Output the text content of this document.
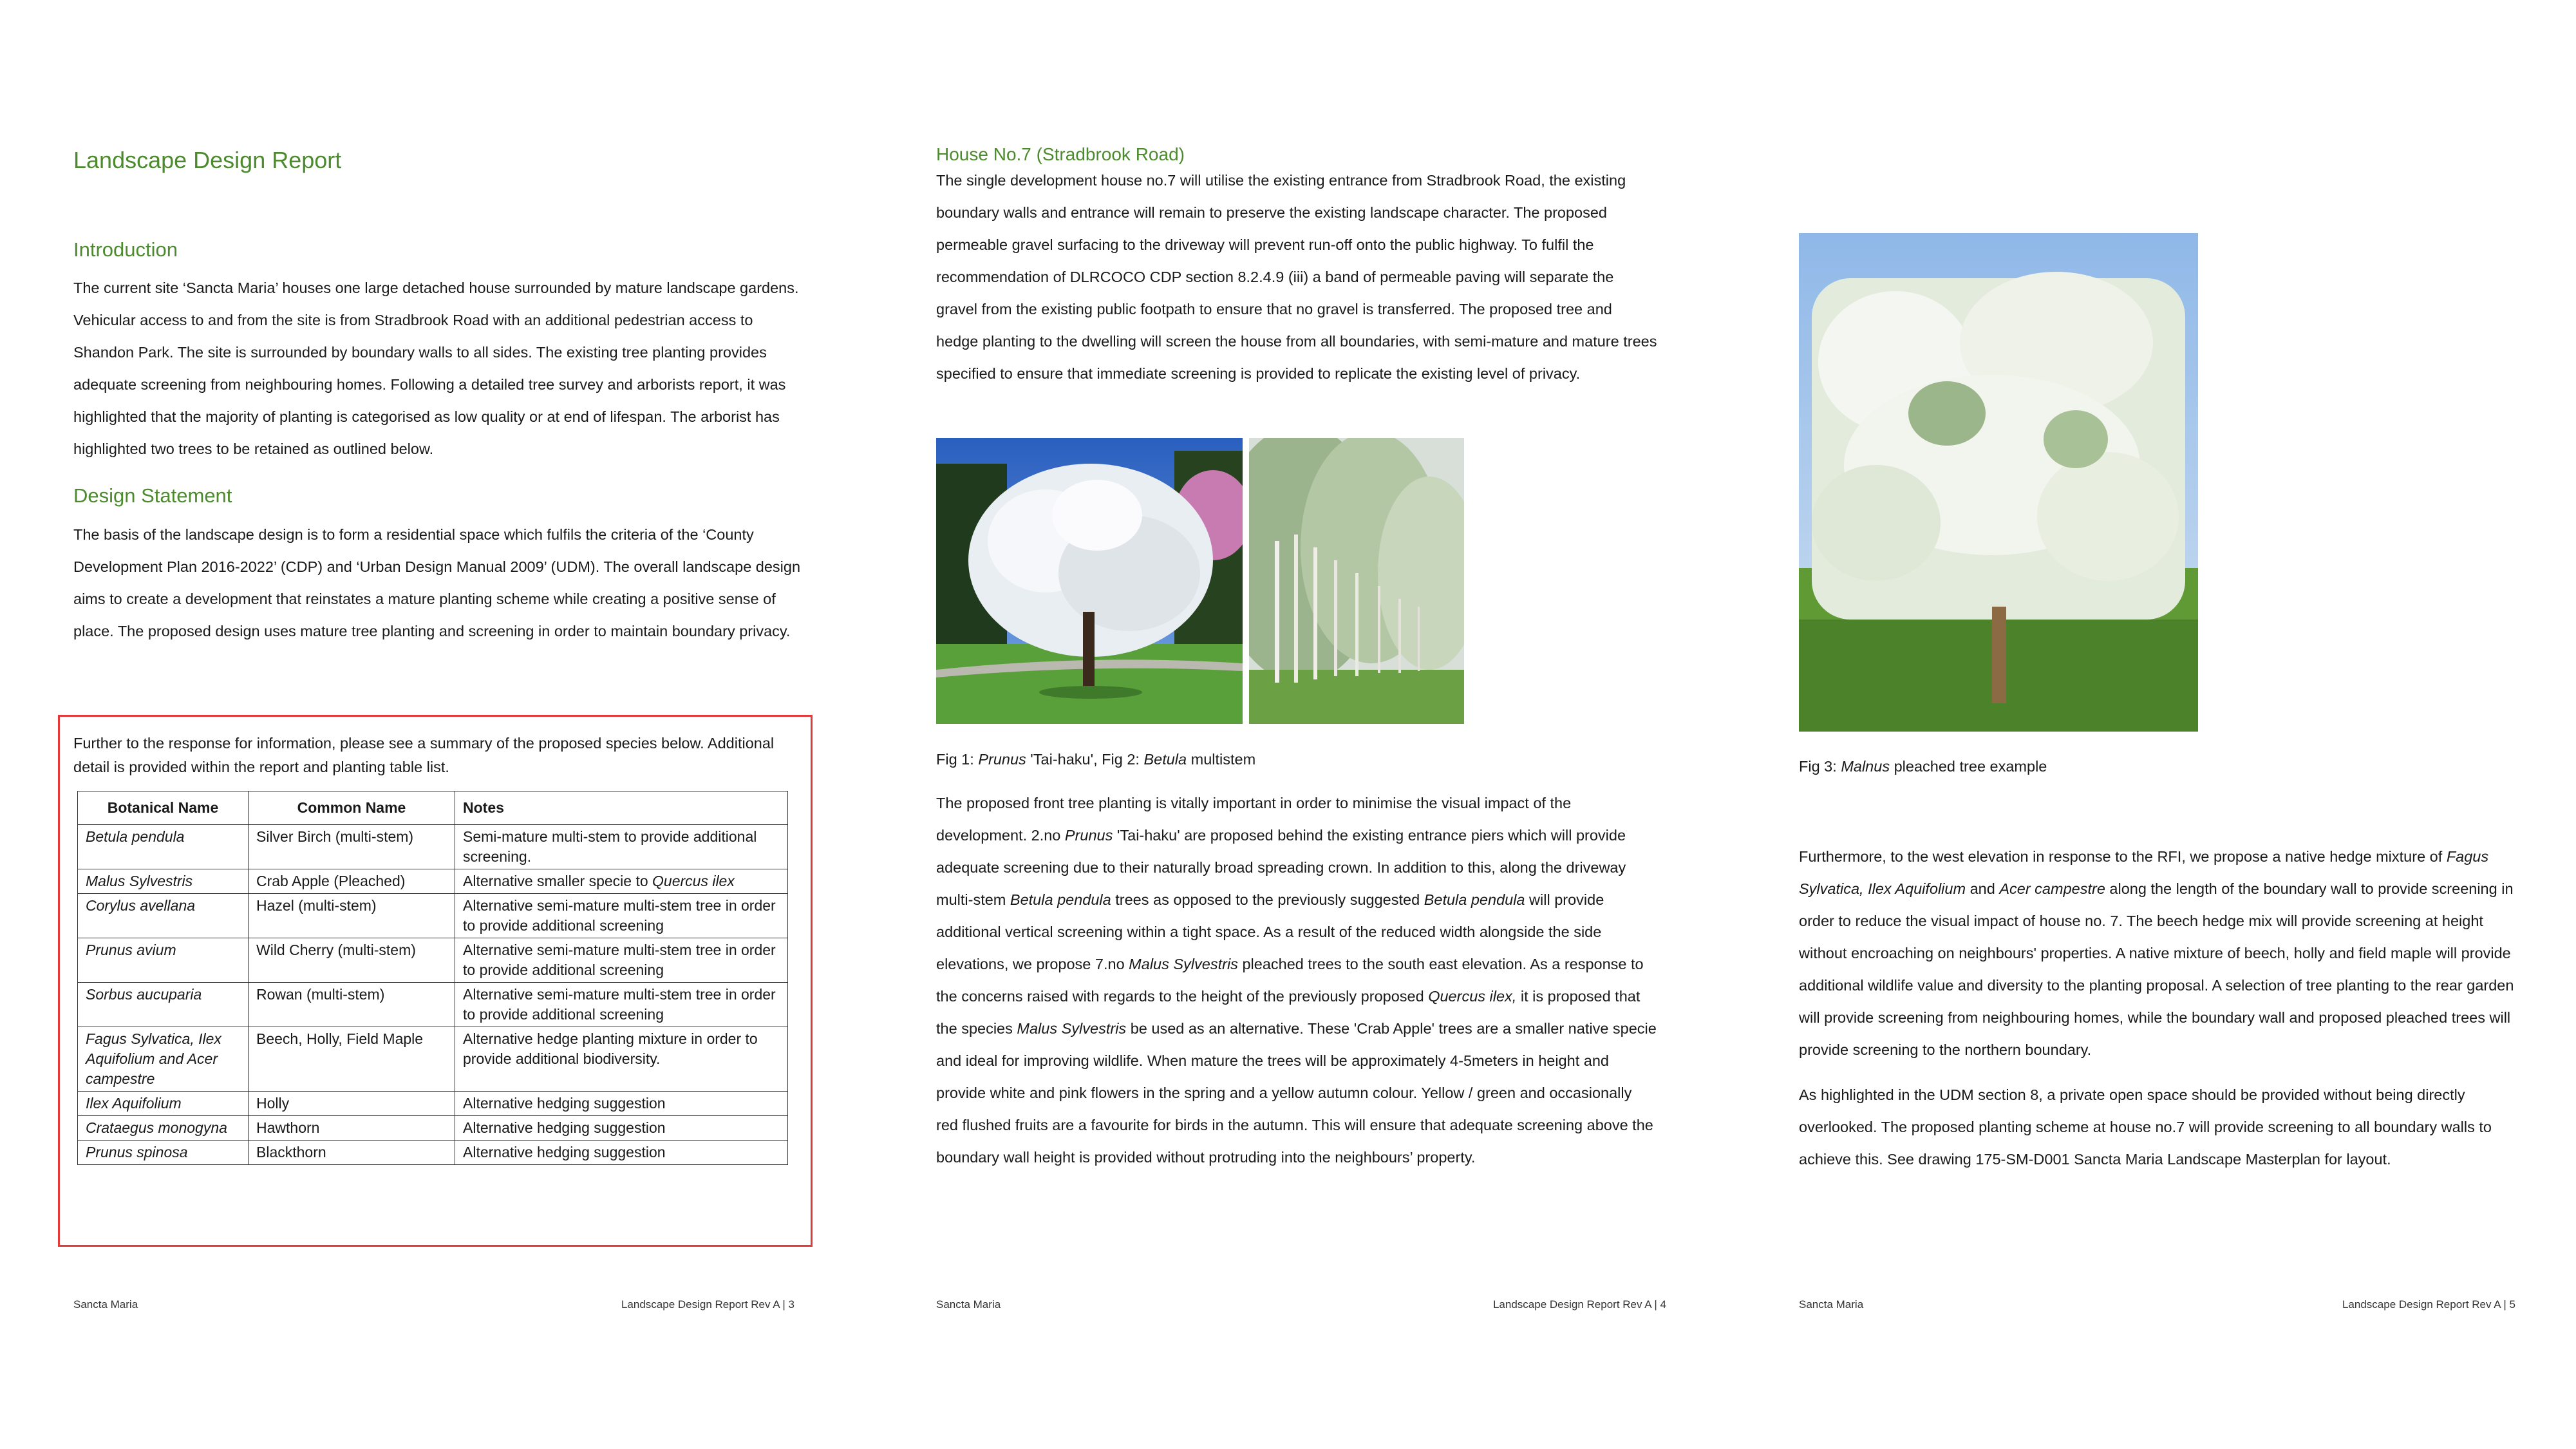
Landscape Design Report
Introduction

The current site ‘Sancta Maria’ houses one large detached house surrounded by mature landscape gardens. Vehicular access to and from the site is from Stradbrook Road with an additional pedestrian access to Shandon Park. The site is surrounded by boundary walls to all sides. The existing tree planting provides adequate screening from neighbouring homes. Following a detailed tree survey and arborists report, it was highlighted that the majority of planting is categorised as low quality or at end of lifespan. The arborist has highlighted two trees to be retained as outlined below.

Design Statement

The basis of the landscape design is to form a residential space which fulfils the criteria of the ‘County Development Plan 2016-2022’ (CDP) and ‘Urban Design Manual 2009’ (UDM). The overall landscape design aims to create a development that reinstates a mature planting scheme while creating a positive sense of place. The proposed design uses mature tree planting and screening in order to maintain boundary privacy.

Further to the response for information, please see a summary of the proposed species below. Additional detail is provided within the report and planting table list.

Botanical Name	Common Name	Notes
Betula pendula	Silver Birch (multi-stem)	Semi-mature multi-stem to provide additional screening.
Malus Sylvestris	Crab Apple (Pleached)	Alternative smaller specie to Quercus ilex
Corylus avellana	Hazel (multi-stem)	Alternative semi-mature multi-stem tree in order to provide additional screening
Prunus avium	Wild Cherry (multi-stem)	Alternative semi-mature multi-stem tree in order to provide additional screening
Sorbus aucuparia	Rowan (multi-stem)	Alternative semi-mature multi-stem tree in order to provide additional screening
Fagus Sylvatica, Ilex Aquifolium and Acer campestre	Beech, Holly, Field Maple	Alternative hedge planting mixture in order to provide additional biodiversity.
Ilex Aquifolium	Holly	Alternative hedging suggestion
Crataegus monogyna	Hawthorn	Alternative hedging suggestion
Prunus spinosa	Blackthorn	Alternative hedging suggestion
Sancta Maria	Landscape Design Report Rev A | 3
House No.7 (Stradbrook Road)

The single development house no.7 will utilise the existing entrance from Stradbrook Road, the existing boundary walls and entrance will remain to preserve the existing landscape character. The proposed permeable gravel surfacing to the driveway will prevent run-off onto the public highway. To fulfil the recommendation of DLRCOCO CDP section 8.2.4.9 (iii) a band of permeable paving will separate the gravel from the existing public footpath to ensure that no gravel is transferred. The proposed tree and hedge planting to the dwelling will screen the house from all boundaries, with semi-mature and mature trees specified to ensure that immediate screening is provided to replicate the existing level of privacy.

Fig 1: Prunus 'Tai-haku', Fig 2: Betula multistem

The proposed front tree planting is vitally important in order to minimise the visual impact of the development. 2.no Prunus 'Tai-haku' are proposed behind the existing entrance piers which will provide adequate screening due to their naturally broad spreading crown. In addition to this, along the driveway multi-stem Betula pendula trees as opposed to the previously suggested Betula pendula will provide additional vertical screening within a tight space. As a result of the reduced width alongside the side elevations, we propose 7.no Malus Sylvestris pleached trees to the south east elevation. As a response to the concerns raised with regards to the height of the previously proposed Quercus ilex, it is proposed that the species Malus Sylvestris be used as an alternative. These 'Crab Apple' trees are a smaller native specie and ideal for improving wildlife. When mature the trees will be approximately 4-5meters in height and provide white and pink flowers in the spring and a yellow autumn colour. Yellow / green and occasionally red flushed fruits are a favourite for birds in the autumn. This will ensure that adequate screening above the boundary wall height is provided without protruding into the neighbours’ property.

Sancta Maria	Landscape Design Report Rev A | 4

Fig 3: Malnus pleached tree example

Furthermore, to the west elevation in response to the RFI, we propose a native hedge mixture of Fagus Sylvatica, Ilex Aquifolium and Acer campestre along the length of the boundary wall to provide screening in order to reduce the visual impact of house no. 7. The beech hedge mix will provide screening at height without encroaching on neighbours' properties. A native mixture of beech, holly and field maple will provide additional wildlife value and diversity to the planting proposal. A selection of tree planting to the rear garden will provide screening from neighbouring homes, while the boundary wall and proposed pleached trees will provide screening to the northern boundary.

As highlighted in the UDM section 8, a private open space should be provided without being directly overlooked. The proposed planting scheme at house no.7 will provide screening to all boundary walls to achieve this. See drawing 175-SM-D001 Sancta Maria Landscape Masterplan for layout.

Sancta Maria	Landscape Design Report Rev A | 5
